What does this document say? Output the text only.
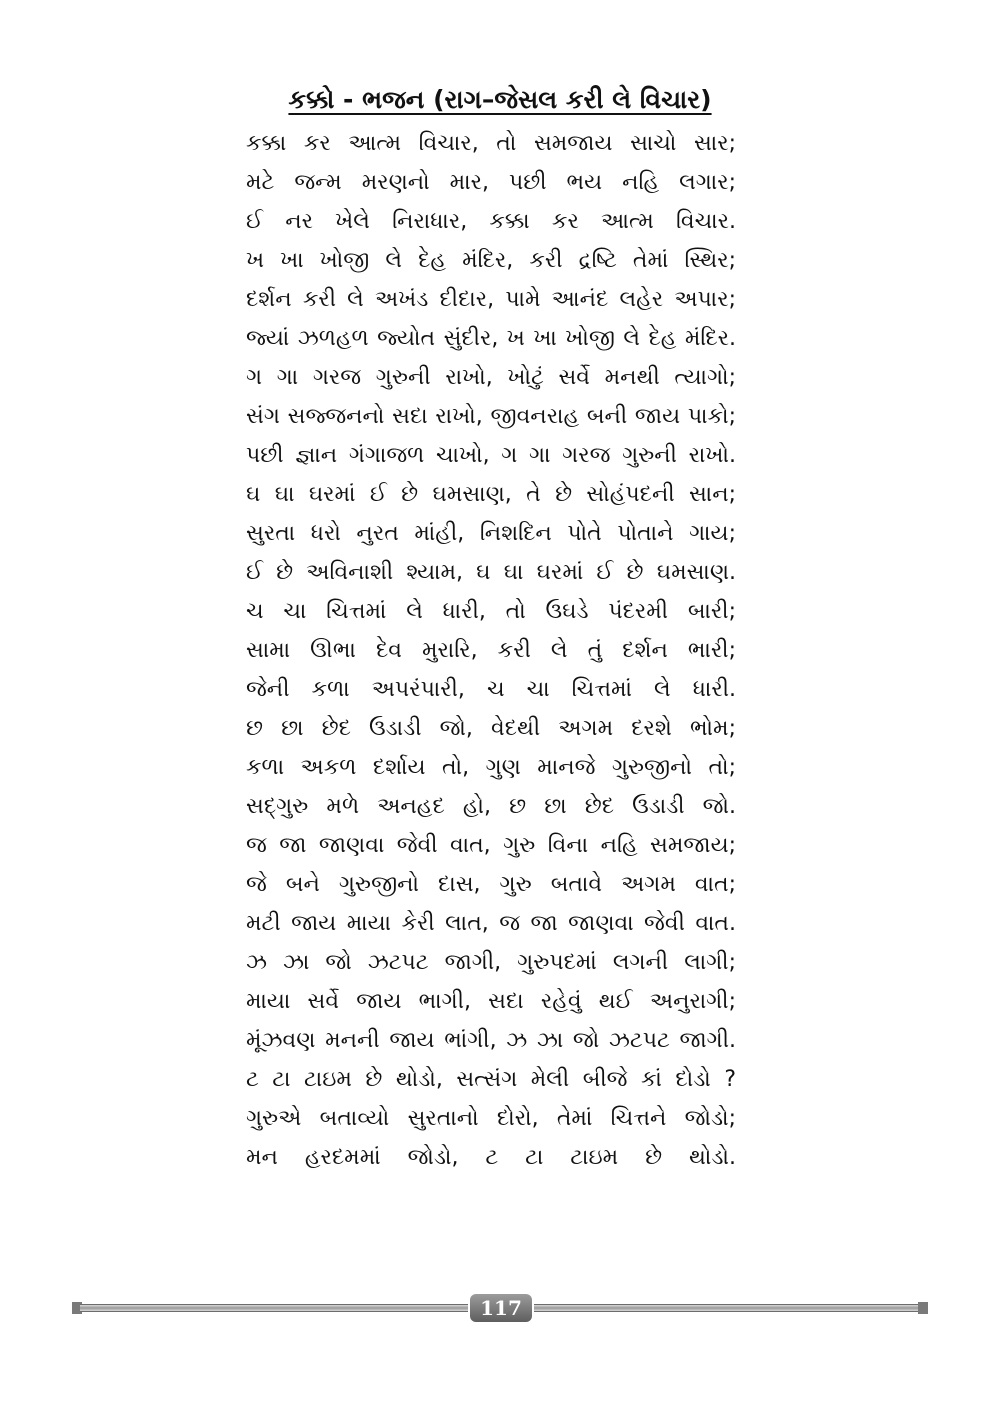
કક્કો - ભજન (રાગ–જેસલ કરી લે વિચાર)
કક્કા કર આત્મ વિચાર, તો સમજાય સાચો સાર;
મટે જન્મ મરણનો માર, પછી ભય નહિ લગાર;
ઈ નર ખેલે નિરાધાર, કક્કા કર આત્મ વિચાર.
ખ ખા ખોજી લે દેહ મંદિર, કરી દ્રષ્ટિ તેમાં સ્થિર;
દર્શન કરી લે અખંડ દીદાર, પામે આનંદ લહેર અપાર;
જ્યાં ઝળહળ જ્યોત સુંદીર, ખ ખા ખોજી લે દેહ મંદિર.
ગ ગા ગરજ ગુરુની રાખો, ખોટું સર્વે મનથી ત્યાગો;
સંગ સજ્જનનો સદા રાખો, જીવનરાહ બની જાય પાકો;
પછી જ્ઞાન ગંગાજળ ચાખો, ગ ગા ગરજ ગુરુની રાખો.
ઘ ઘા ઘરમાં ઈ છે ઘમસાણ, તે છે સોહંપદની સાન;
સુરતા ધરો નુરત માંહી, નિશદિન પોતે પોતાને ગાય;
ઈ છે અવિનાશી શ્યામ, ઘ ઘા ઘરમાં ઈ છે ઘમસાણ.
ચ ચા ચિત્તમાં લે ધારી, તો ઉઘડે પંદરમી બારી;
સામા ઊભા દેવ મુરારિ, કરી લે તું દર્શન ભારી;
જેની કળા અપરંપારી, ચ ચા ચિત્તમાં લે ધારી.
છ છા છેદ ઉડાડી જો, વેદથી અગમ દરશે ભોમ;
કળા અકળ દર્શાય તો, ગુણ માનજે ગુરુજીનો તો;
સદ્‌ગુરુ મળે અનહદ હો, છ છા છેદ ઉડાડી જો.
જ જા જાણવા જેવી વાત, ગુરુ વિના નહિ સમજાય;
જે બને ગુરુજીનો દાસ, ગુરુ બતાવે અગમ વાત;
મટી જાય માયા કેરી લાત, જ જા જાણવા જેવી વાત.
ઝ ઝા જો ઝટપટ જાગી, ગુરુપદમાં લગની લાગી;
માયા સર્વે જાય ભાગી, સદા રહેવું થઈ અનુરાગી;
મૂંઝવણ મનની જાય ભાંગી, ઝ ઝા જો ઝટપટ જાગી.
ટ ટા ટાઇમ છે થોડો, સત્સંગ મેલી બીજે કાં દોડો ?
ગુરુએ બતાવ્યો સુરતાનો દોરો, તેમાં ચિત્તને જોડો;
મન હરદમમાં જોડો, ટ ટા ટાઇમ છે થોડો.
117
